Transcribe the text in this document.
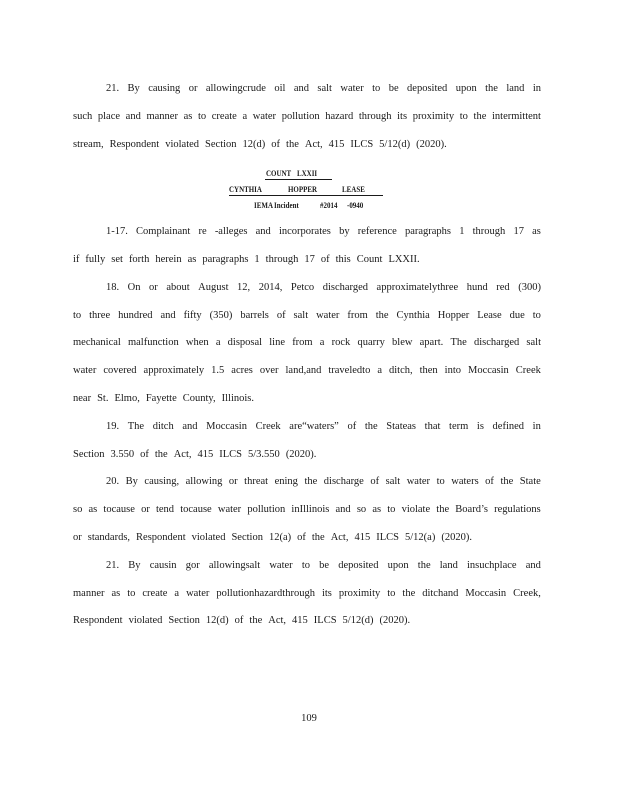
21. By causing or allowingcrude oil and salt water to be deposited upon the land in
such place and manner as to create a water pollution hazard through its proximity to the intermittent
stream, Respondent violated Section 12(d) of the Act, 415 ILCS 5/12(d) (2020).
COUNT LXXII
CYNTHIA	HOPPER	LEASE
IEMA Incident #2014 -0940
1-17. Complainant re -alleges and incorporates by reference paragraphs 1 through 17 as
if fully set forth herein as paragraphs 1 through 17 of this Count LXXII.
18. On or about August 12, 2014, Petco discharged approximatelythree hund red (300)
to three hundred and fifty (350) barrels of salt water from the Cynthia Hopper Lease due to
mechanical malfunction when a disposal line from a rock quarry blew apart. The discharged salt
water covered approximately 1.5 acres over land,and traveledto a ditch, then into Moccasin Creek
near St. Elmo, Fayette County, Illinois.
19. The ditch and Moccasin Creek are“waters” of the Stateas that term is defined in
Section 3.550 of the Act, 415 ILCS 5/3.550 (2020).
20. By causing, allowing or threat ening the discharge of salt water to waters of the State
so as tocause or tend tocause water pollution inIllinois and so as to violate the Board’s regulations
or standards, Respondent violated Section 12(a) of the Act, 415 ILCS 5/12(a) (2020).
21. By causin gor allowingsalt water to be deposited upon the land insuchplace and
manner as to create a water pollutionhazardthrough its proximity to the ditchand Moccasin Creek,
Respondent violated Section 12(d) of the Act, 415 ILCS 5/12(d) (2020).
109
